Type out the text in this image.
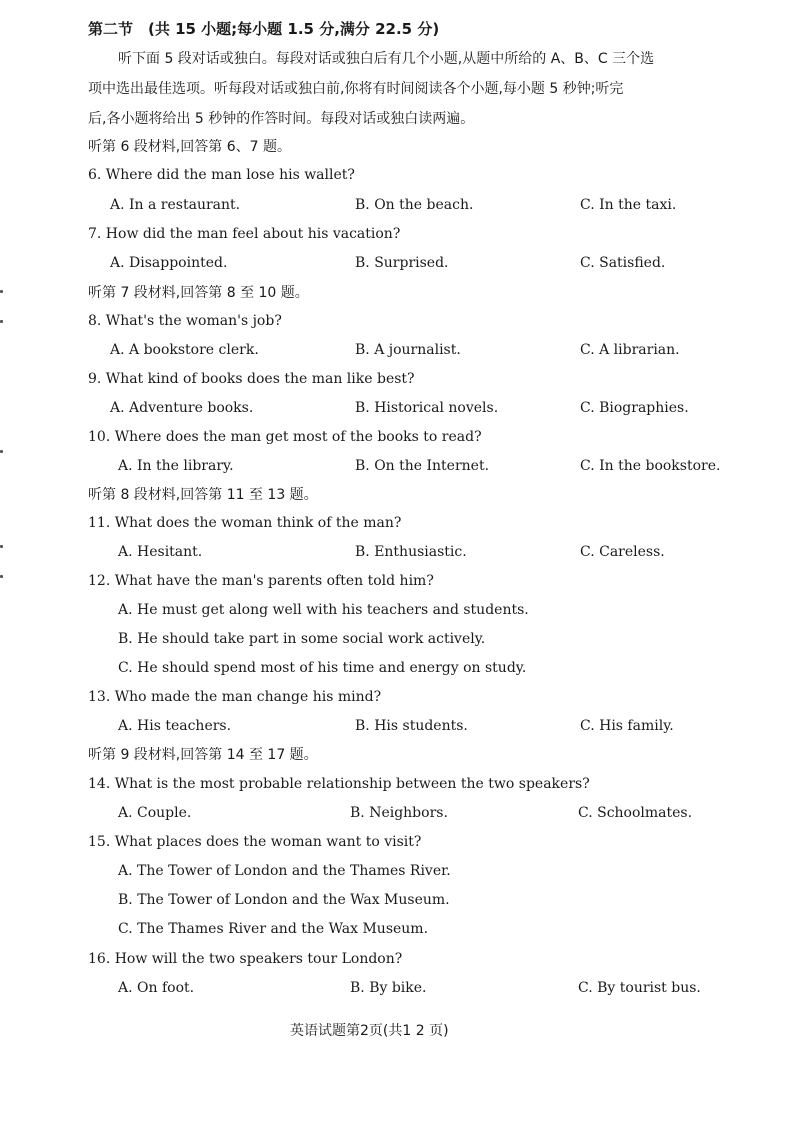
第二节　(共 15 小题;每小题 1.5 分,满分 22.5 分)
听下面 5 段对话或独白。每段对话或独白后有几个小题,从题中所给的 A、B、C 三个选
项中选出最佳选项。听每段对话或独白前,你将有时间阅读各个小题,每小题 5 秒钟;听完
后,各小题将给出 5 秒钟的作答时间。每段对话或独白读两遍。
听第 6 段材料,回答第 6、7 题。
6. Where did the man lose his wallet?
A. In a restaurant.	B. On the beach.	C. In the taxi.
7. How did the man feel about his vacation?
A. Disappointed.	B. Surprised.	C. Satisfied.
听第 7 段材料,回答第 8 至 10 题。
8. What's the woman's job?
A. A bookstore clerk.	B. A journalist.	C. A librarian.
9. What kind of books does the man like best?
A. Adventure books.	B. Historical novels.	C. Biographies.
10. Where does the man get most of the books to read?
A. In the library.	B. On the Internet.	C. In the bookstore.
听第 8 段材料,回答第 11 至 13 题。
11. What does the woman think of the man?
A. Hesitant.	B. Enthusiastic.	C. Careless.
12. What have the man's parents often told him?
A. He must get along well with his teachers and students.
B. He should take part in some social work actively.
C. He should spend most of his time and energy on study.
13. Who made the man change his mind?
A. His teachers.	B. His students.	C. His family.
听第 9 段材料,回答第 14 至 17 题。
14. What is the most probable relationship between the two speakers?
A. Couple.	B. Neighbors.	C. Schoolmates.
15. What places does the woman want to visit?
A. The Tower of London and the Thames River.
B. The Tower of London and the Wax Museum.
C. The Thames River and the Wax Museum.
16. How will the two speakers tour London?
A. On foot.	B. By bike.	C. By tourist bus.
英语试题第2页(共1 2 页)
